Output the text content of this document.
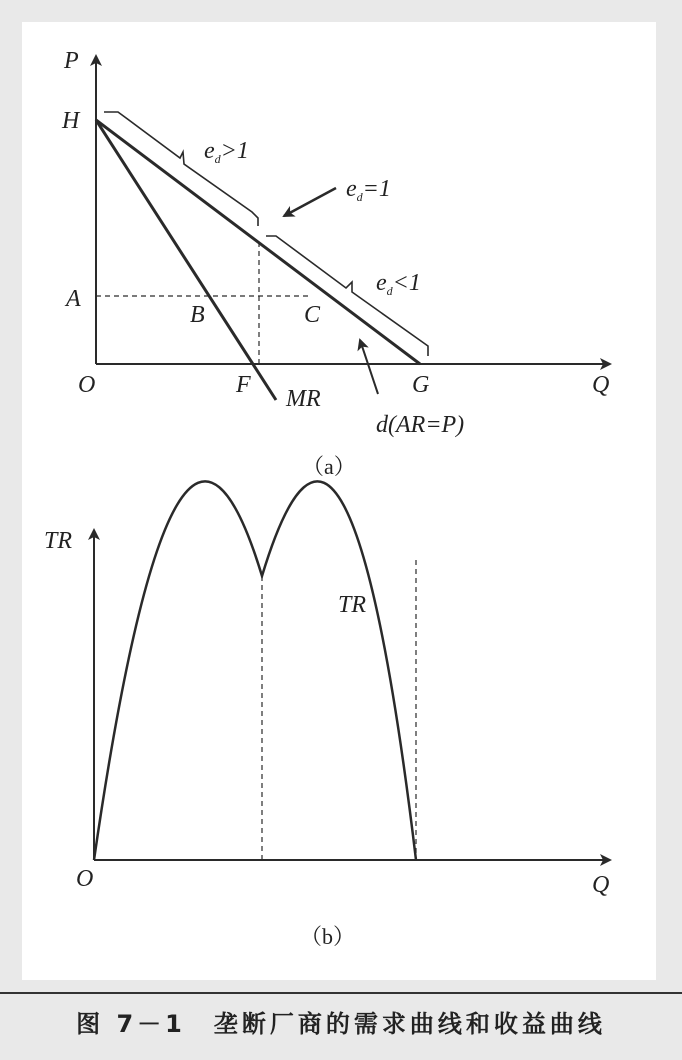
P
H
A
B	C
O	F	G	Q
MR
d(AR=P)
$e_d>1$
$e_d=1$
$e_d<1$
（a）
TR
TR
O	Q
（b）
图 7－1　垄断厂商的需求曲线和收益曲线
